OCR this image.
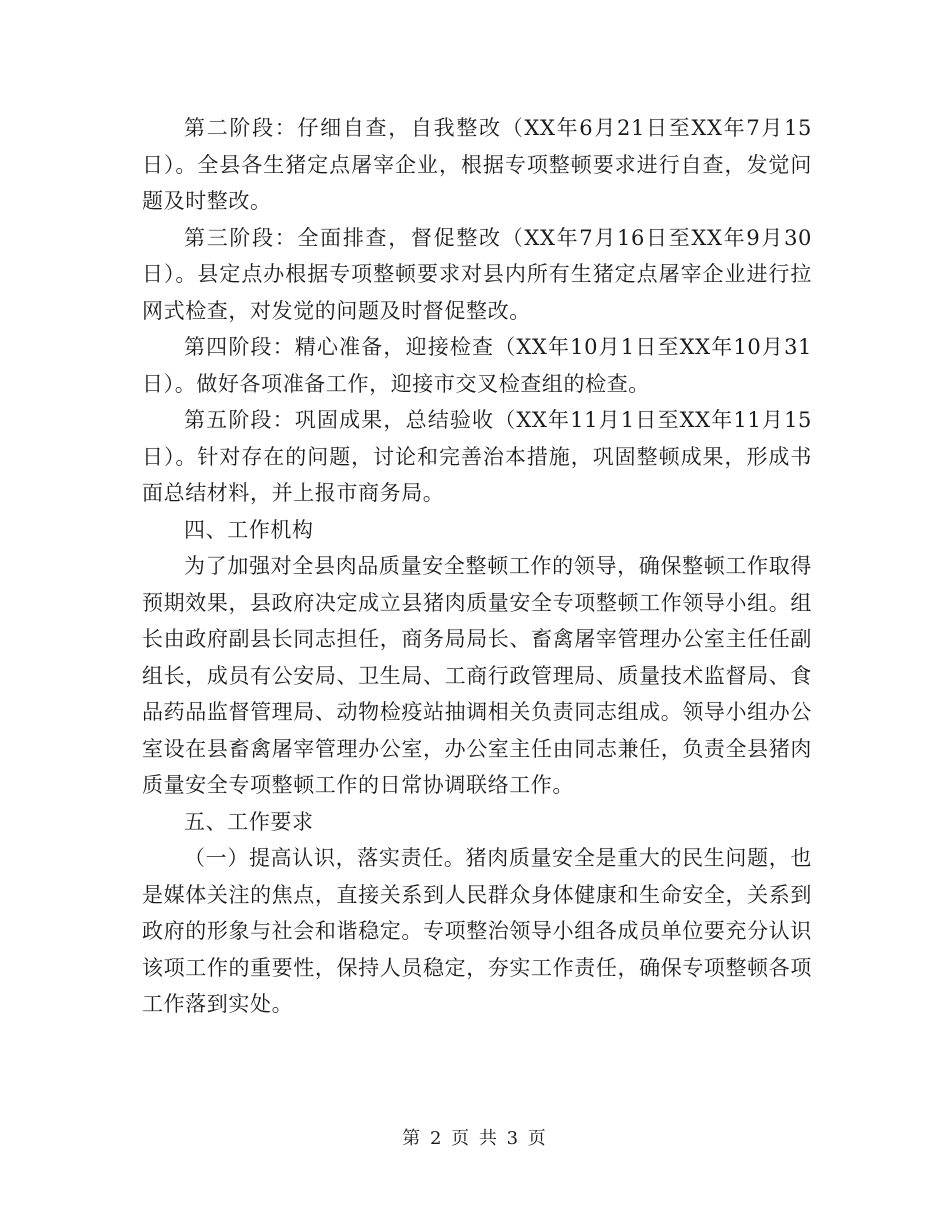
第二阶段：仔细自查，自我整改（XX年6月21日至XX年7月15日）。全县各生猪定点屠宰企业，根据专项整顿要求进行自查，发觉问题及时整改。

第三阶段：全面排查，督促整改（XX年7月16日至XX年9月30日）。县定点办根据专项整顿要求对县内所有生猪定点屠宰企业进行拉网式检查，对发觉的问题及时督促整改。

第四阶段：精心准备，迎接检查（XX年10月1日至XX年10月31日）。做好各项准备工作，迎接市交叉检查组的检查。

第五阶段：巩固成果，总结验收（XX年11月1日至XX年11月15日）。针对存在的问题，讨论和完善治本措施，巩固整顿成果，形成书面总结材料，并上报市商务局。

四、工作机构

为了加强对全县肉品质量安全整顿工作的领导，确保整顿工作取得预期效果，县政府决定成立县猪肉质量安全专项整顿工作领导小组。组长由政府副县长同志担任，商务局局长、畜禽屠宰管理办公室主任任副组长，成员有公安局、卫生局、工商行政管理局、质量技术监督局、食品药品监督管理局、动物检疫站抽调相关负责同志组成。领导小组办公室设在县畜禽屠宰管理办公室，办公室主任由同志兼任，负责全县猪肉质量安全专项整顿工作的日常协调联络工作。

五、工作要求

（一）提高认识，落实责任。猪肉质量安全是重大的民生问题，也是媒体关注的焦点，直接关系到人民群众身体健康和生命安全，关系到政府的形象与社会和谐稳定。专项整治领导小组各成员单位要充分认识该项工作的重要性，保持人员稳定，夯实工作责任，确保专项整顿各项工作落到实处。

第 2 页 共 3 页
